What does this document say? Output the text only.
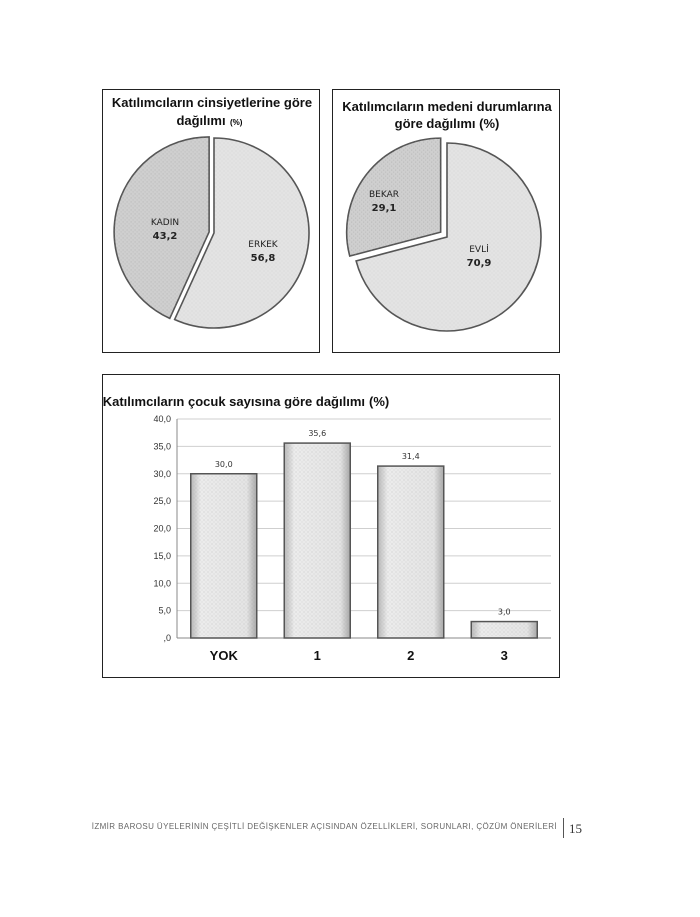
Katılımcıların cinsiyetlerine göre
dağılımı (%)
ERKEK
56,8
KADIN
43,2
Katılımcıların medeni durumlarına
göre dağılımı (%)
EVLİ
70,9
BEKAR
29,1
Katılımcıların çocuk sayısına göre dağılımı (%)
,0
5,0
10,0
15,0
20,0
25,0
30,0
35,0
40,0
30,0
YOK
35,6
1
31,4
2
3,0
3
İZMİR BAROSU ÜYELERİNİN ÇEŞİTLİ DEĞİŞKENLER AÇISINDAN ÖZELLİKLERİ, SORUNLARI, ÇÖZÜM ÖNERİLERİ 15
